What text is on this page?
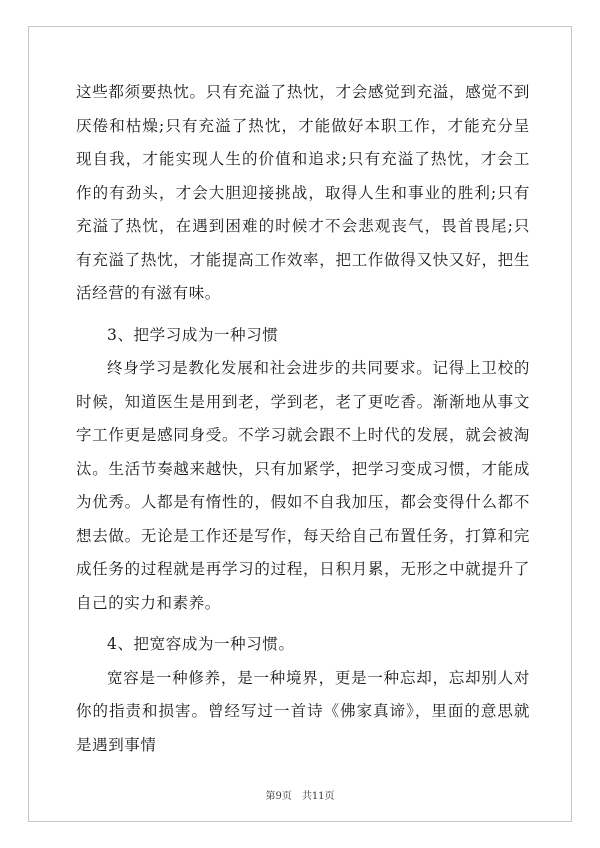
这些都须要热忱。只有充溢了热忱，才会感觉到充溢，感觉不到厌倦和枯燥;只有充溢了热忱，才能做好本职工作，才能充分呈现自我，才能实现人生的价值和追求;只有充溢了热忱，才会工作的有劲头，才会大胆迎接挑战，取得人生和事业的胜利;只有充溢了热忱，在遇到困难的时候才不会悲观丧气，畏首畏尾;只有充溢了热忱，才能提高工作效率，把工作做得又快又好，把生活经营的有滋有味。

3、把学习成为一种习惯

终身学习是教化发展和社会进步的共同要求。记得上卫校的时候，知道医生是用到老，学到老，老了更吃香。渐渐地从事文字工作更是感同身受。不学习就会跟不上时代的发展，就会被淘汰。生活节奏越来越快，只有加紧学，把学习变成习惯，才能成为优秀。人都是有惰性的，假如不自我加压，都会变得什么都不想去做。无论是工作还是写作，每天给自己布置任务，打算和完成任务的过程就是再学习的过程，日积月累，无形之中就提升了自己的实力和素养。

4、把宽容成为一种习惯。

宽容是一种修养，是一种境界，更是一种忘却，忘却别人对你的指责和损害。曾经写过一首诗《佛家真谛》，里面的意思就是遇到事情

第9页　共11页
